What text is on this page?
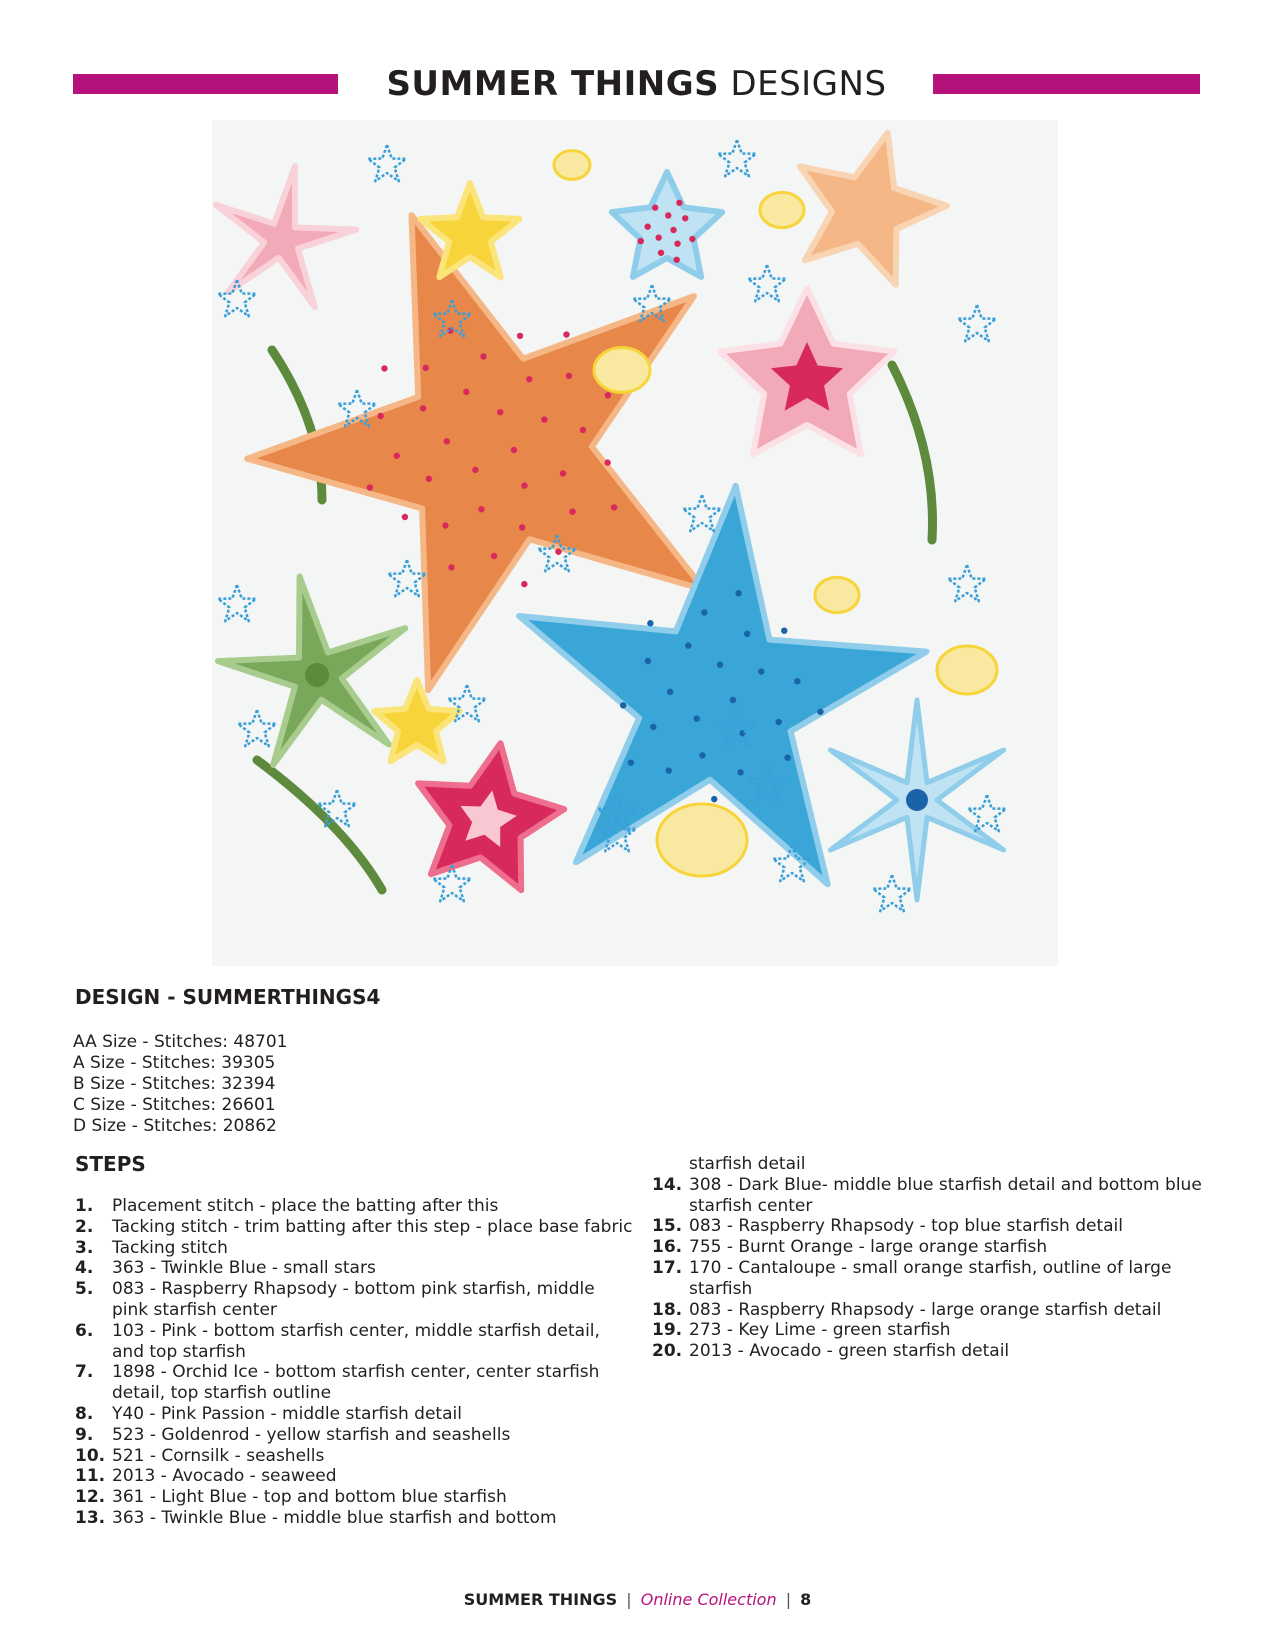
SUMMER THINGS DESIGNS
DESIGN - SUMMERTHINGS4
AA Size - Stitches: 48701
A Size - Stitches: 39305
B Size - Stitches: 32394
C Size - Stitches: 26601
D Size - Stitches: 20862
STEPS
1. Placement stitch - place the batting after this
2. Tacking stitch - trim batting after this step - place base fabric
3. Tacking stitch
4. 363 - Twinkle Blue - small stars
5. 083 - Raspberry Rhapsody - bottom pink starfish, middle pink starfish center
6. 103 - Pink - bottom starfish center, middle starfish detail, and top starfish
7. 1898 - Orchid Ice - bottom starfish center, center starfish detail, top starfish outline
8. Y40 - Pink Passion - middle starfish detail
9. 523 - Goldenrod - yellow starfish and seashells
10. 521 - Cornsilk - seashells
11. 2013 - Avocado - seaweed
12. 361 - Light Blue - top and bottom blue starfish
13. 363 - Twinkle Blue - middle blue starfish and bottom
starfish detail
14. 308 - Dark Blue- middle blue starfish detail and bottom blue starfish center
15. 083 - Raspberry Rhapsody - top blue starfish detail
16. 755 - Burnt Orange - large orange starfish
17. 170 - Cantaloupe - small orange starfish, outline of large starfish
18. 083 - Raspberry Rhapsody - large orange starfish detail
19. 273 - Key Lime - green starfish
20. 2013 - Avocado - green starfish detail
SUMMER THINGS | Online Collection | 8
